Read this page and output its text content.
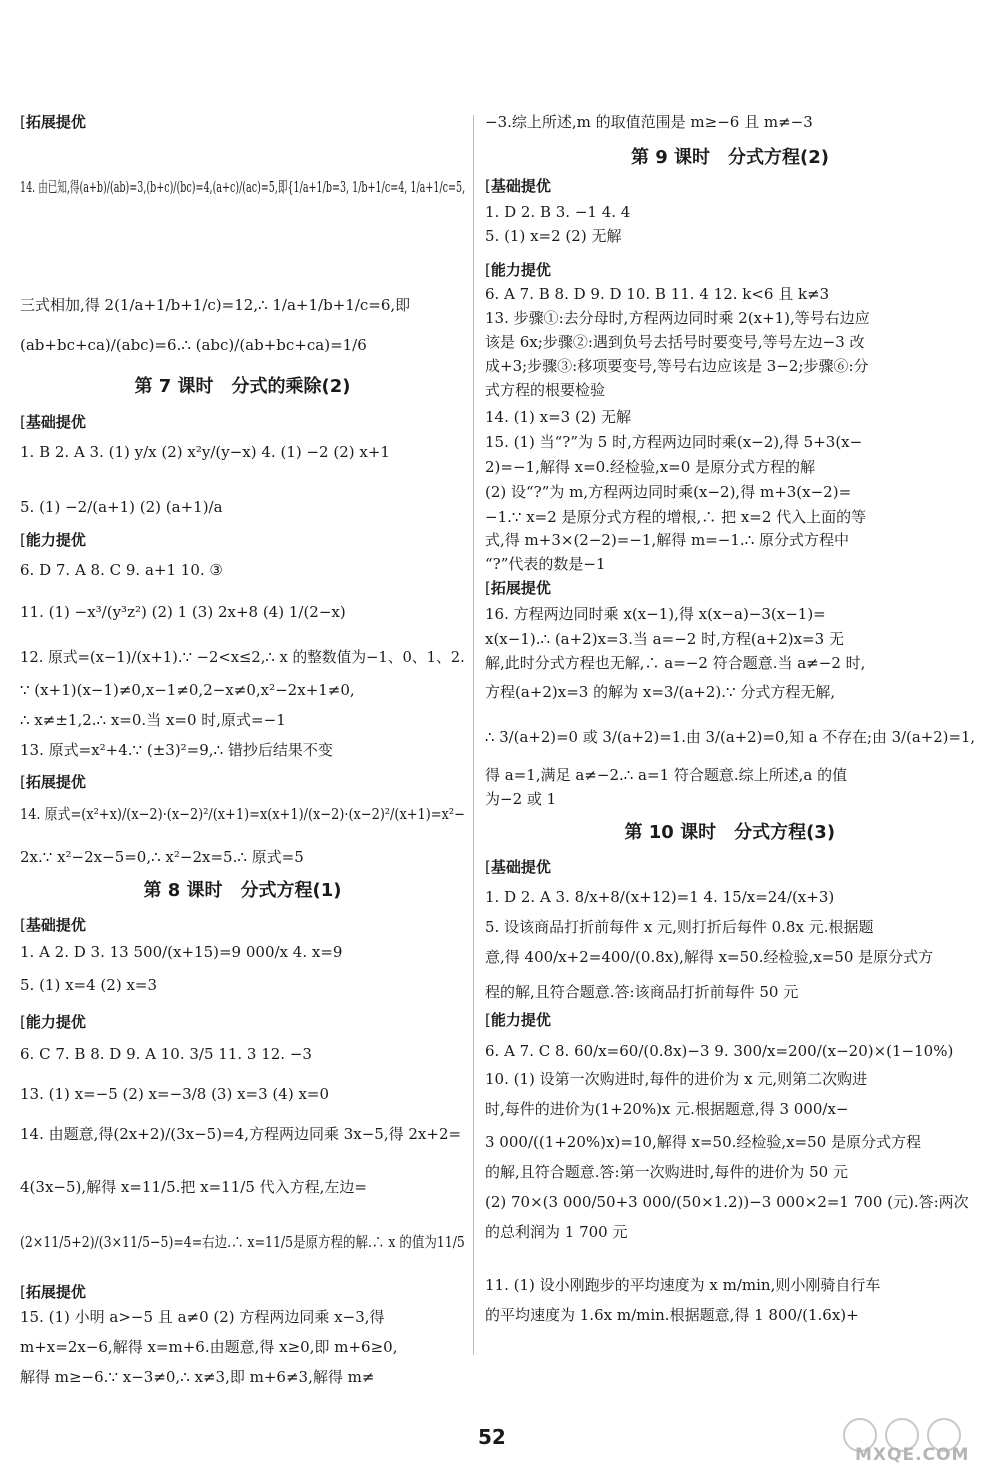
[拓展提优
14. 由已知,得(a+b)/(ab)=3,(b+c)/(bc)=4,(a+c)/(ac)=5,即{1/a+1/b=3, 1/b+1/c=4, 1/a+1/c=5,
三式相加,得 2(1/a+1/b+1/c)=12,∴ 1/a+1/b+1/c=6,即
(ab+bc+ca)/(abc)=6.∴ (abc)/(ab+bc+ca)=1/6
第 7 课时　分式的乘除(2)
[基础提优
1. B 2. A 3. (1) y/x (2) x²y/(y−x) 4. (1) −2 (2) x+1
5. (1) −2/(a+1) (2) (a+1)/a
[能力提优
6. D 7. A 8. C 9. a+1 10. ③
11. (1) −x³/(y³z²) (2) 1 (3) 2x+8 (4) 1/(2−x)
12. 原式=(x−1)/(x+1).∵ −2<x≤2,∴ x 的整数值为−1、0、1、2.
∵ (x+1)(x−1)≠0,x−1≠0,2−x≠0,x²−2x+1≠0,
∴ x≠±1,2.∴ x=0.当 x=0 时,原式=−1
13. 原式=x²+4.∵ (±3)²=9,∴ 错抄后结果不变
[拓展提优
14. 原式=(x²+x)/(x−2)·(x−2)²/(x+1)=x(x+1)/(x−2)·(x−2)²/(x+1)=x²−
2x.∵ x²−2x−5=0,∴ x²−2x=5.∴ 原式=5
第 8 课时　分式方程(1)
[基础提优
1. A 2. D 3. 13 500/(x+15)=9 000/x 4. x=9
5. (1) x=4 (2) x=3
[能力提优
6. C 7. B 8. D 9. A 10. 3/5 11. 3 12. −3
13. (1) x=−5 (2) x=−3/8 (3) x=3 (4) x=0
14. 由题意,得(2x+2)/(3x−5)=4,方程两边同乘 3x−5,得 2x+2=
4(3x−5),解得 x=11/5.把 x=11/5 代入方程,左边=
(2×11/5+2)/(3×11/5−5)=4=右边.∴ x=11/5是原方程的解.∴ x 的值为11/5
[拓展提优
15. (1) 小明 a>−5 且 a≠0 (2) 方程两边同乘 x−3,得
m+x=2x−6,解得 x=m+6.由题意,得 x≥0,即 m+6≥0,
解得 m≥−6.∵ x−3≠0,∴ x≠3,即 m+6≠3,解得 m≠
−3.综上所述,m 的取值范围是 m≥−6 且 m≠−3
第 9 课时　分式方程(2)
[基础提优
1. D 2. B 3. −1 4. 4
5. (1) x=2 (2) 无解
[能力提优
6. A 7. B 8. D 9. D 10. B 11. 4 12. k<6 且 k≠3
13. 步骤①:去分母时,方程两边同时乘 2(x+1),等号右边应
该是 6x;步骤②:遇到负号去括号时要变号,等号左边−3 改
成+3;步骤③:移项要变号,等号右边应该是 3−2;步骤⑥:分
式方程的根要检验
14. (1) x=3 (2) 无解
15. (1) 当“?”为 5 时,方程两边同时乘(x−2),得 5+3(x−
2)=−1,解得 x=0.经检验,x=0 是原分式方程的解
(2) 设“?”为 m,方程两边同时乘(x−2),得 m+3(x−2)=
−1.∵ x=2 是原分式方程的增根,∴ 把 x=2 代入上面的等
式,得 m+3×(2−2)=−1,解得 m=−1.∴ 原分式方程中
“?”代表的数是−1
[拓展提优
16. 方程两边同时乘 x(x−1),得 x(x−a)−3(x−1)=
x(x−1).∴ (a+2)x=3.当 a=−2 时,方程(a+2)x=3 无
解,此时分式方程也无解,∴ a=−2 符合题意.当 a≠−2 时,
方程(a+2)x=3 的解为 x=3/(a+2).∵ 分式方程无解,
∴ 3/(a+2)=0 或 3/(a+2)=1.由 3/(a+2)=0,知 a 不存在;由 3/(a+2)=1,
得 a=1,满足 a≠−2.∴ a=1 符合题意.综上所述,a 的值
为−2 或 1
第 10 课时　分式方程(3)
[基础提优
1. D 2. A 3. 8/x+8/(x+12)=1 4. 15/x=24/(x+3)
5. 设该商品打折前每件 x 元,则打折后每件 0.8x 元.根据题
意,得 400/x+2=400/(0.8x),解得 x=50.经检验,x=50 是原分式方
程的解,且符合题意.答:该商品打折前每件 50 元
[能力提优
6. A 7. C 8. 60/x=60/(0.8x)−3 9. 300/x=200/(x−20)×(1−10%)
10. (1) 设第一次购进时,每件的进价为 x 元,则第二次购进
时,每件的进价为(1+20%)x 元.根据题意,得 3 000/x−
3 000/((1+20%)x)=10,解得 x=50.经检验,x=50 是原分式方程
的解,且符合题意.答:第一次购进时,每件的进价为 50 元
(2) 70×(3 000/50+3 000/(50×1.2))−3 000×2=1 700 (元).答:两次
的总利润为 1 700 元
11. (1) 设小刚跑步的平均速度为 x m/min,则小刚骑自行车
的平均速度为 1.6x m/min.根据题意,得 1 800/(1.6x)+
52
MXQE.COM
